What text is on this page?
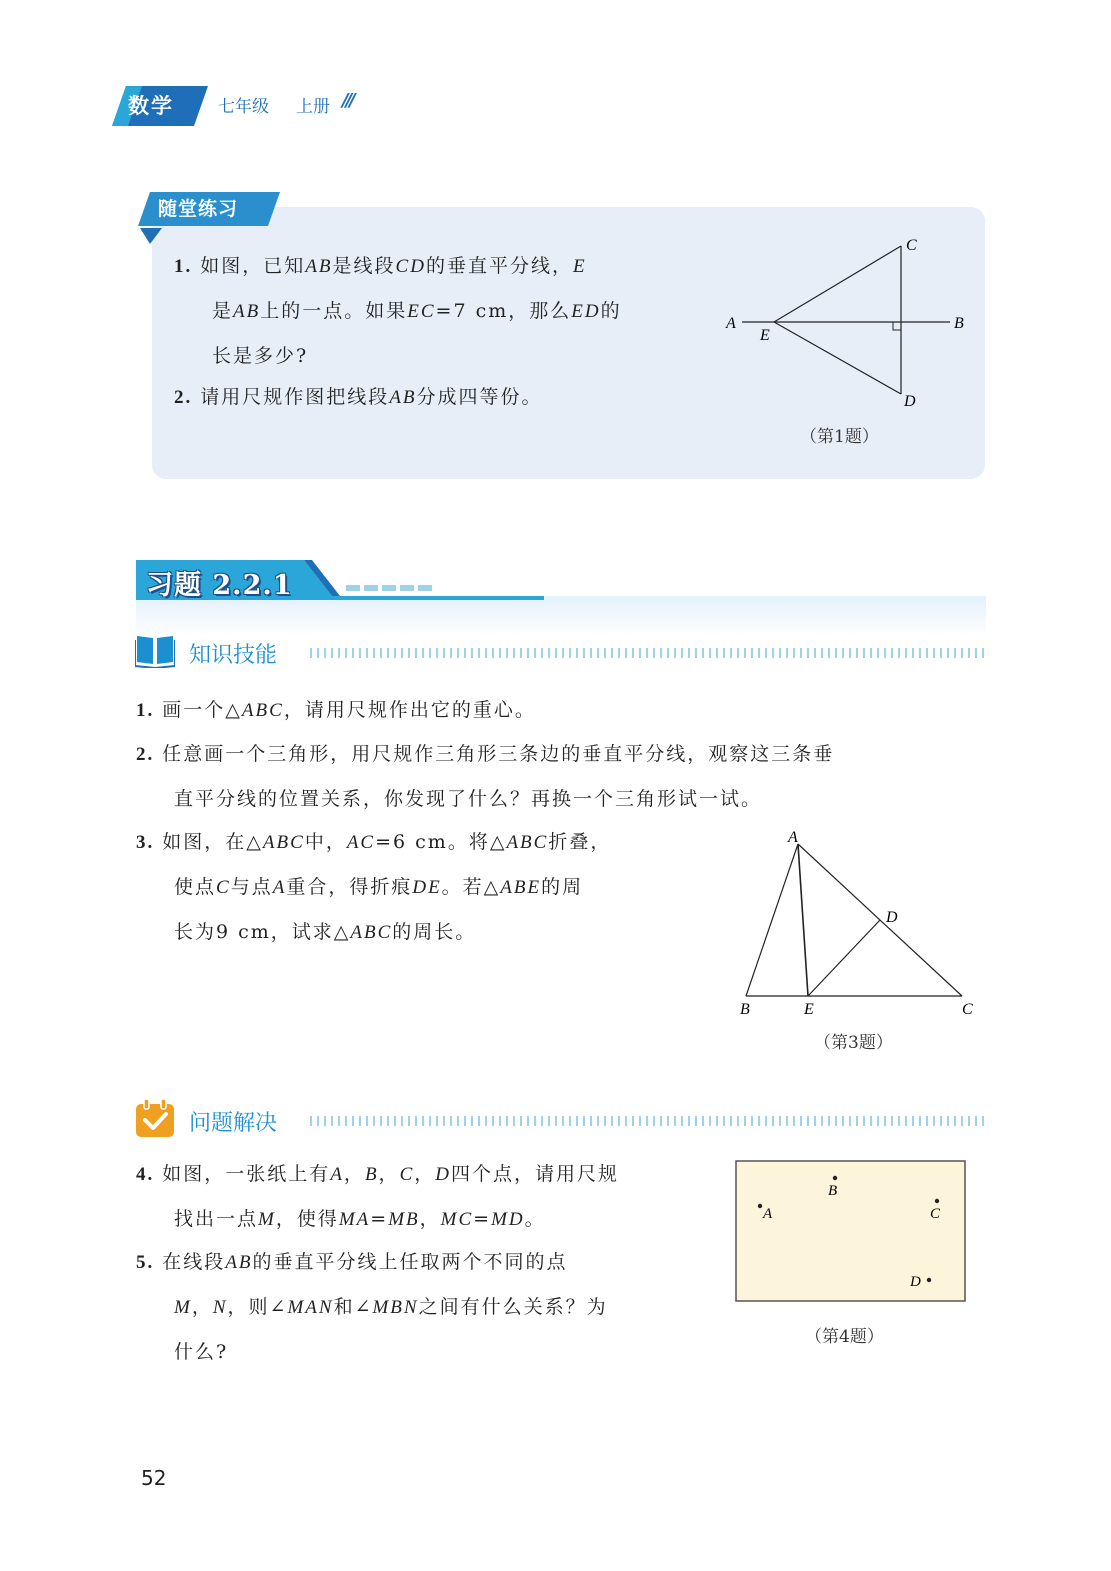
数学	七年级 上册 ///
随堂练习
1. 如图，已知AB是线段CD的垂直平分线，E
是AB上的一点。如果EC=7 cm，那么ED的
长是多少?
2. 请用尺规作图把线段AB分成四等份。
A	B
C
D
E
（第1题）
习题 2.2.1
知识技能
1. 画一个△ABC，请用尺规作出它的重心。
2. 任意画一个三角形，用尺规作三角形三条边的垂直平分线，观察这三条垂
直平分线的位置关系，你发现了什么？再换一个三角形试一试。
3. 如图，在△ABC中，AC=6 cm。将△ABC折叠，
使点C与点A重合，得折痕DE。若△ABE的周
长为9 cm，试求△ABC的周长。
A
B	C
D
E
（第3题）
问题解决
4. 如图，一张纸上有A，B，C，D四个点，请用尺规
找出一点M，使得MA=MB，MC=MD。
5. 在线段AB的垂直平分线上任取两个不同的点
M，N，则∠MAN和∠MBN之间有什么关系？为
什么?
A
B
C
D
（第4题）
52
